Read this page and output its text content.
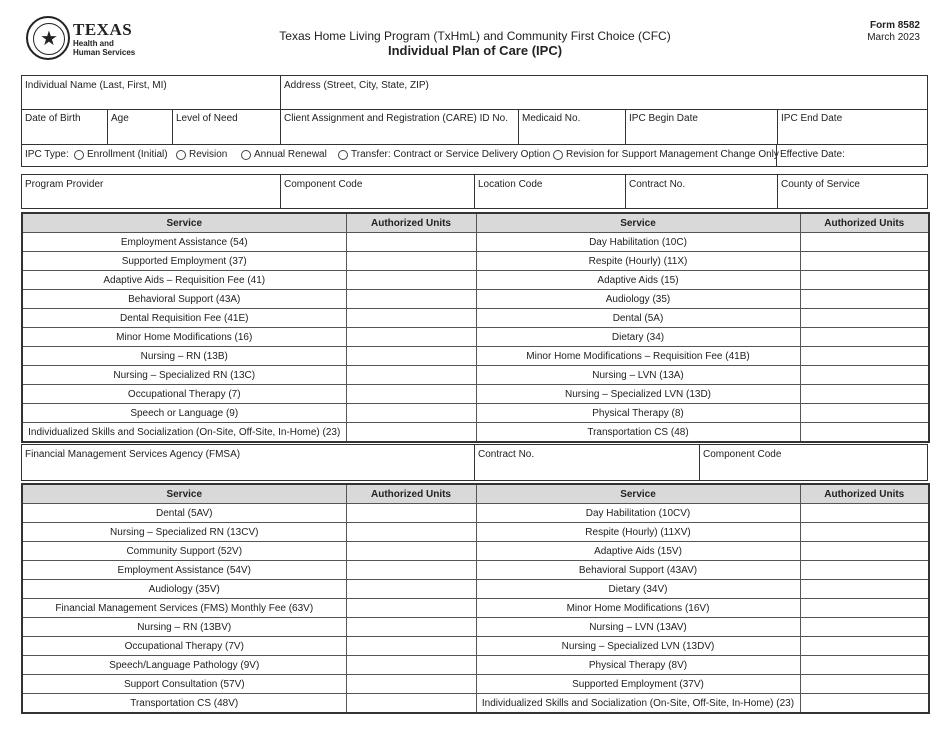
★ TEXAS
Health and Human Services
Texas Home Living Program (TxHmL) and Community First Choice (CFC)
Individual Plan of Care (IPC)
Form 8582
March 2023
Individual Name (Last, First, MI)	Address (Street, City, State, ZIP)
Date of Birth	Age	Level of Need	Client Assignment and Registration (CARE) ID No.	Medicaid No.	IPC Begin Date	IPC End Date
IPC Type: Enrollment (Initial) Revision	Annual Renewal Transfer: Contract or Service Delivery Option Revision for Support Management Change Only Effective Date:
Program Provider	Component Code	Location Code	Contract No.	County of Service
Service	Authorized Units	Service	Authorized Units
Employment Assistance (54)		Day Habilitation (10C)	
Supported Employment (37)		Respite (Hourly) (11X)	
Adaptive Aids – Requisition Fee (41)		Adaptive Aids (15)	
Behavioral Support (43A)		Audiology (35)	
Dental Requisition Fee (41E)		Dental (5A)	
Minor Home Modifications (16)		Dietary (34)	
Nursing – RN (13B)		Minor Home Modifications – Requisition Fee (41B)	
Nursing – Specialized RN (13C)		Nursing – LVN (13A)	
Occupational Therapy (7)		Nursing – Specialized LVN (13D)	
Speech or Language (9)		Physical Therapy (8)	
Individualized Skills and Socialization (On-Site, Off-Site, In-Home) (23)		Transportation CS (48)	
Financial Management Services Agency (FMSA)	Contract No.	Component Code
Service	Authorized Units	Service	Authorized Units
Dental (5AV)		Day Habilitation (10CV)	
Nursing – Specialized RN (13CV)		Respite (Hourly) (11XV)	
Community Support (52V)		Adaptive Aids (15V)	
Employment Assistance (54V)		Behavioral Support (43AV)	
Audiology (35V)		Dietary (34V)	
Financial Management Services (FMS) Monthly Fee (63V)		Minor Home Modifications (16V)	
Nursing – RN (13BV)		Nursing – LVN (13AV)	
Occupational Therapy (7V)		Nursing – Specialized LVN (13DV)	
Speech/Language Pathology (9V)		Physical Therapy (8V)	
Support Consultation (57V)		Supported Employment (37V)	
Transportation CS (48V)		Individualized Skills and Socialization (On-Site, Off-Site, In-Home) (23)	
